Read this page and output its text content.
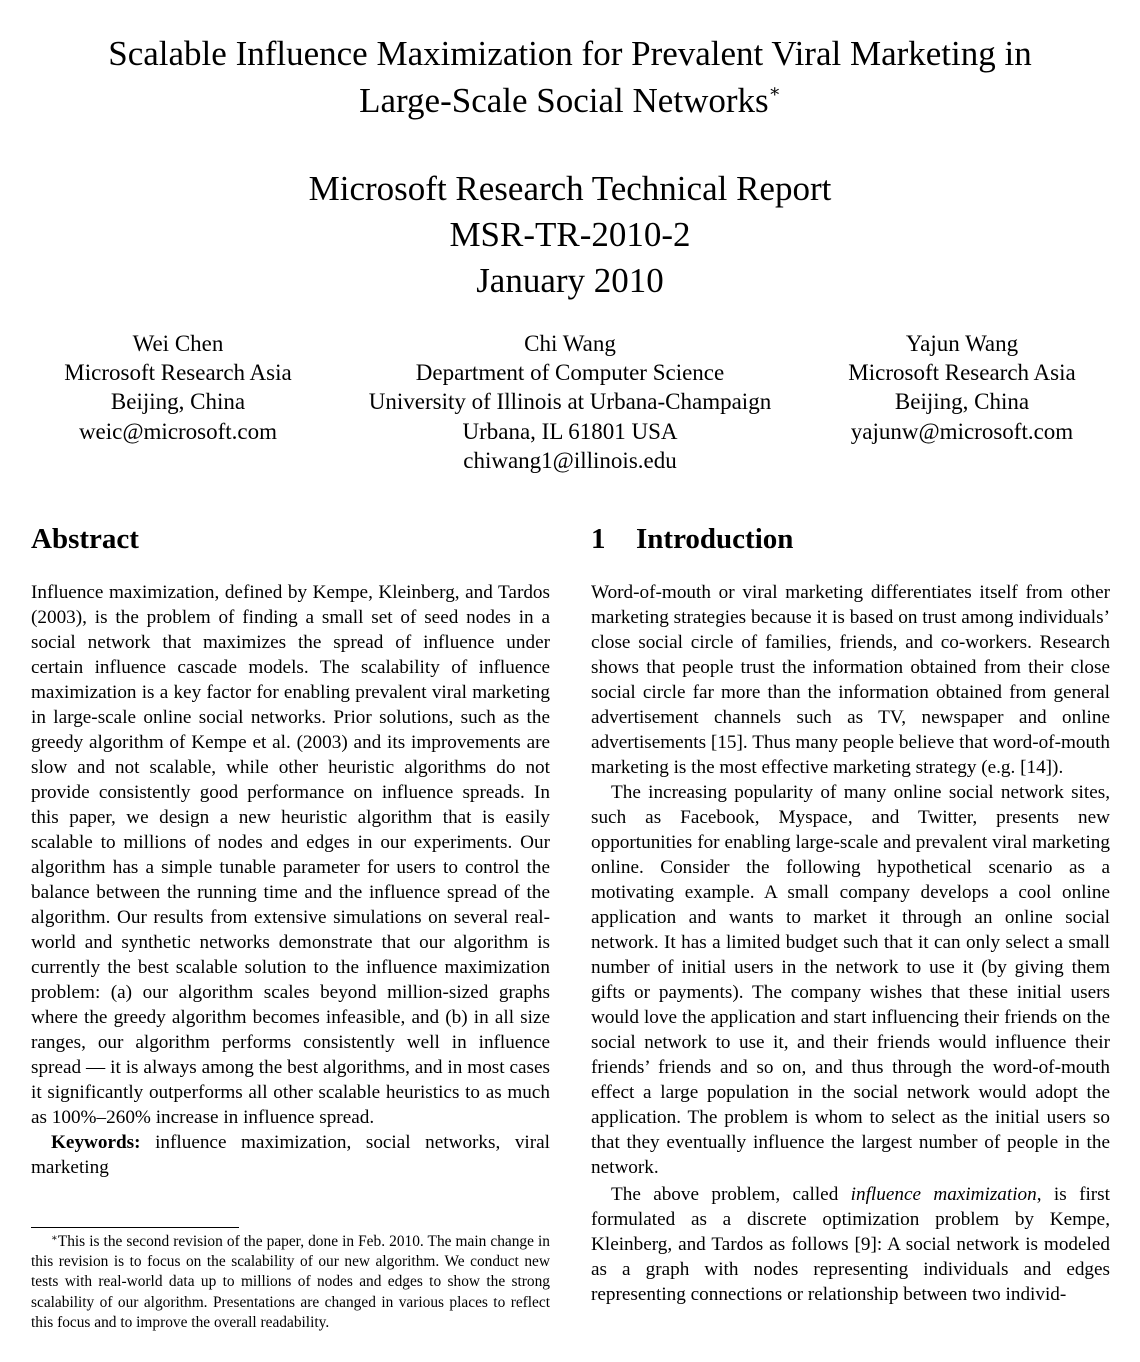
Scalable Influence Maximization for Prevalent Viral Marketing in Large-Scale Social Networks∗
Microsoft Research Technical Report
MSR-TR-2010-2
January 2010
Wei Chen
Microsoft Research Asia
Beijing, China
weic@microsoft.com
Chi Wang
Department of Computer Science
University of Illinois at Urbana-Champaign
Urbana, IL 61801 USA
chiwang1@illinois.edu
Yajun Wang
Microsoft Research Asia
Beijing, China
yajunw@microsoft.com
Abstract	1 Introduction

Influence maximization, defined by Kempe, Kleinberg, and Tardos (2003), is the problem of finding a small set of seed nodes in a social network that maximizes the spread of influence under certain influence cascade models. The scalability of influence maximization is a key factor for enabling prevalent viral marketing in large-scale online social networks. Prior solutions, such as the greedy algorithm of Kempe et al. (2003) and its improvements are slow and not scalable, while other heuristic algorithms do not provide consistently good performance on influence spreads. In this paper, we design a new heuristic algorithm that is easily scalable to millions of nodes and edges in our experiments. Our algorithm has a simple tunable parameter for users to control the balance between the running time and the influence spread of the algorithm. Our results from extensive simulations on several real-world and synthetic networks demonstrate that our algorithm is currently the best scalable solution to the influence maximization problem: (a) our algorithm scales beyond million-sized graphs where the greedy algorithm becomes infeasible, and (b) in all size ranges, our algorithm performs consistently well in influence spread — it is always among the best algorithms, and in most cases it significantly outperforms all other scalable heuristics to as much as 100%–260% increase in influence spread.

Keywords: influence maximization, social networks, viral marketing

∗This is the second revision of the paper, done in Feb. 2010. The main change in this revision is to focus on the scalability of our new algorithm. We conduct new tests with real-world data up to millions of nodes and edges to show the strong scalability of our algorithm. Presentations are changed in various places to reflect this focus and to improve the overall readability.

Word-of-mouth or viral marketing differentiates itself from other marketing strategies because it is based on trust among individuals’ close social circle of families, friends, and co-workers. Research shows that people trust the information obtained from their close social circle far more than the information obtained from general advertisement channels such as TV, newspaper and online advertisements [15]. Thus many people believe that word-of-mouth marketing is the most effective marketing strategy (e.g. [14]).

The increasing popularity of many online social network sites, such as Facebook, Myspace, and Twitter, presents new opportunities for enabling large-scale and prevalent viral marketing online. Consider the following hypothetical scenario as a motivating example. A small company develops a cool online application and wants to market it through an online social network. It has a limited budget such that it can only select a small number of initial users in the network to use it (by giving them gifts or payments). The company wishes that these initial users would love the application and start influencing their friends on the social network to use it, and their friends would influence their friends’ friends and so on, and thus through the word-of-mouth effect a large population in the social network would adopt the application. The problem is whom to select as the initial users so that they eventually influence the largest number of people in the network.

The above problem, called influence maximization, is first formulated as a discrete optimization problem by Kempe, Kleinberg, and Tardos as follows [9]: A social network is modeled as a graph with nodes representing individuals and edges representing connections or relationship between two individ-
